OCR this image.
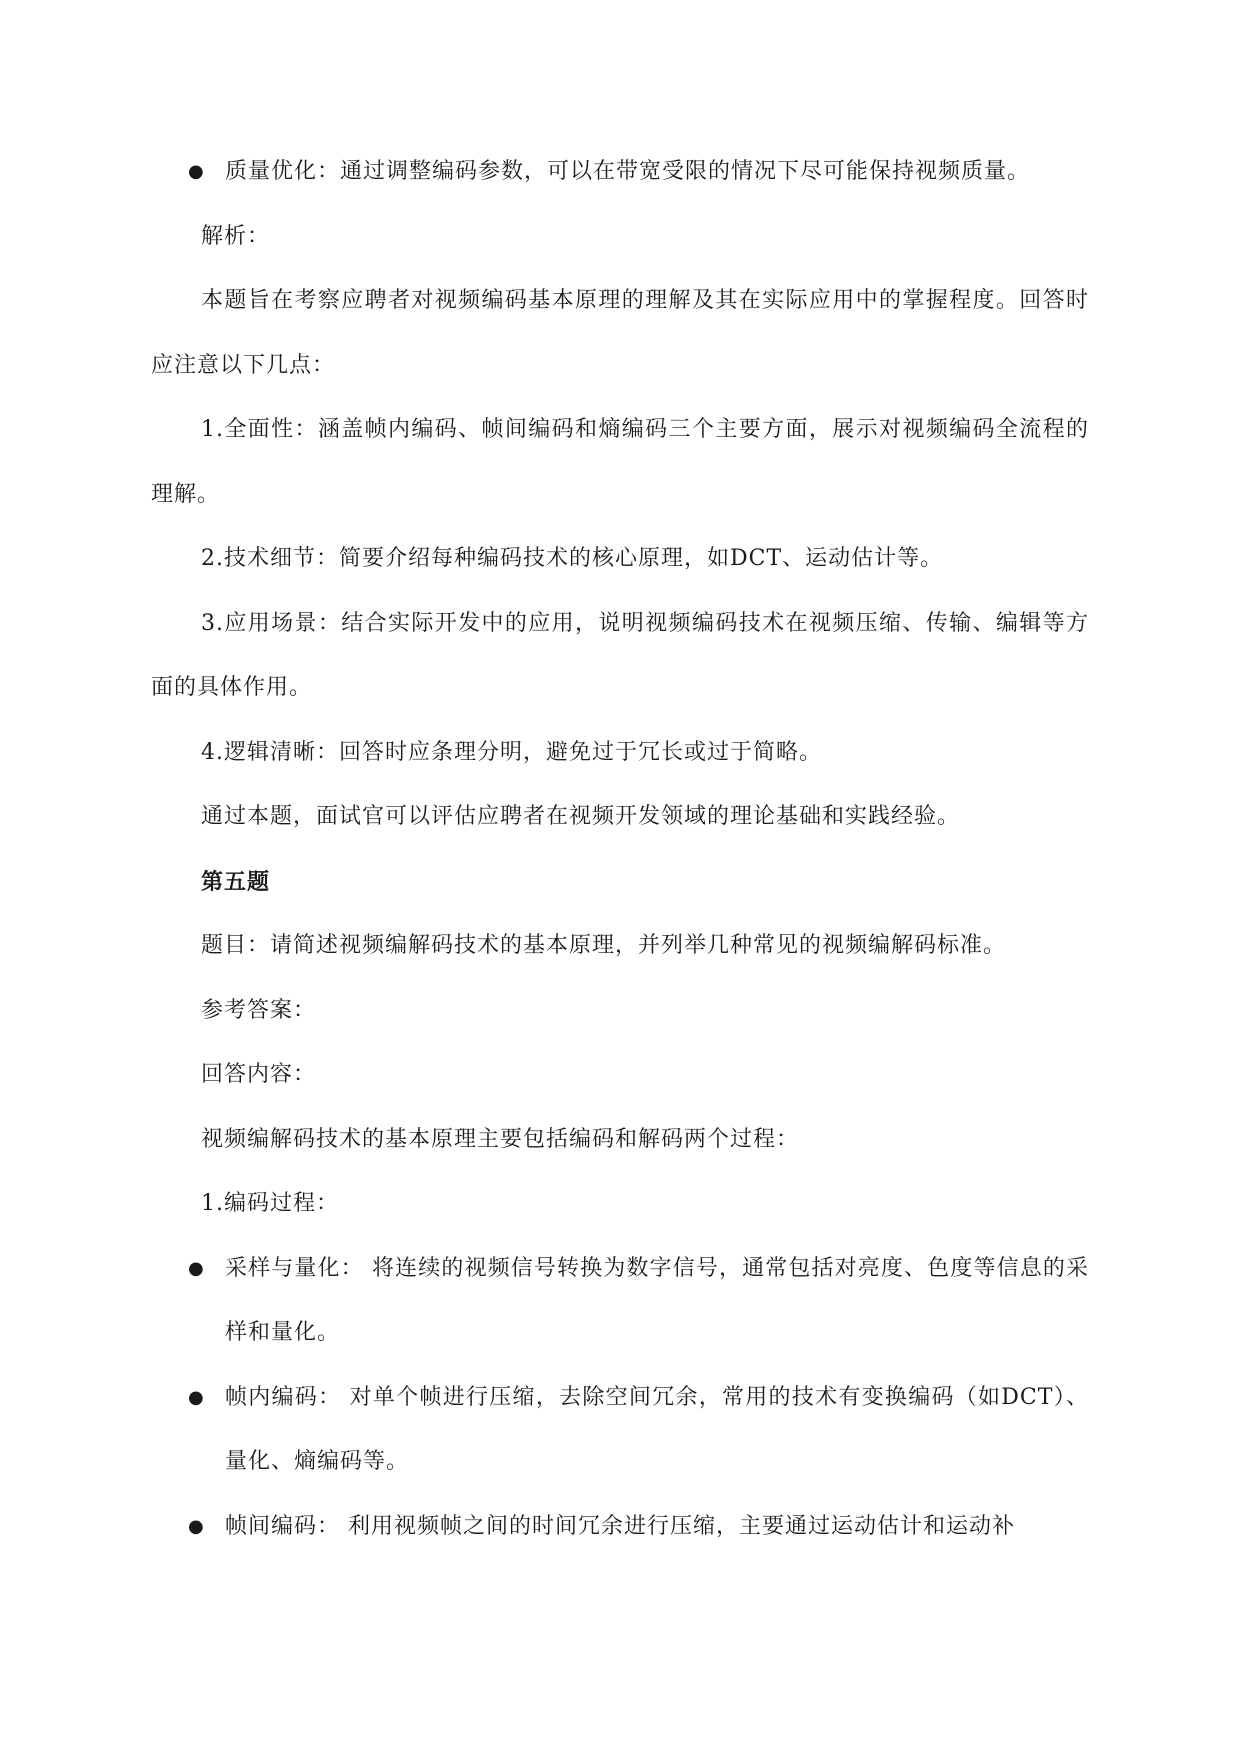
● 质量优化：通过调整编码参数，可以在带宽受限的情况下尽可能保持视频质量。

解析：

本题旨在考察应聘者对视频编码基本原理的理解及其在实际应用中的掌握程度。回答时应注意以下几点：

1.全面性：涵盖帧内编码、帧间编码和熵编码三个主要方面，展示对视频编码全流程的理解。

2.技术细节：简要介绍每种编码技术的核心原理，如DCT、运动估计等。

3.应用场景：结合实际开发中的应用，说明视频编码技术在视频压缩、传输、编辑等方面的具体作用。

4.逻辑清晰：回答时应条理分明，避免过于冗长或过于简略。

通过本题，面试官可以评估应聘者在视频开发领域的理论基础和实践经验。

第五题

题目：请简述视频编解码技术的基本原理，并列举几种常见的视频编解码标准。

参考答案：

回答内容：

视频编解码技术的基本原理主要包括编码和解码两个过程：

1.编码过程：

● 采样与量化： 将连续的视频信号转换为数字信号，通常包括对亮度、色度等信息的采样和量化。
● 帧内编码： 对单个帧进行压缩，去除空间冗余，常用的技术有变换编码（如DCT）、量化、熵编码等。
● 帧间编码： 利用视频帧之间的时间冗余进行压缩，主要通过运动估计和运动补
